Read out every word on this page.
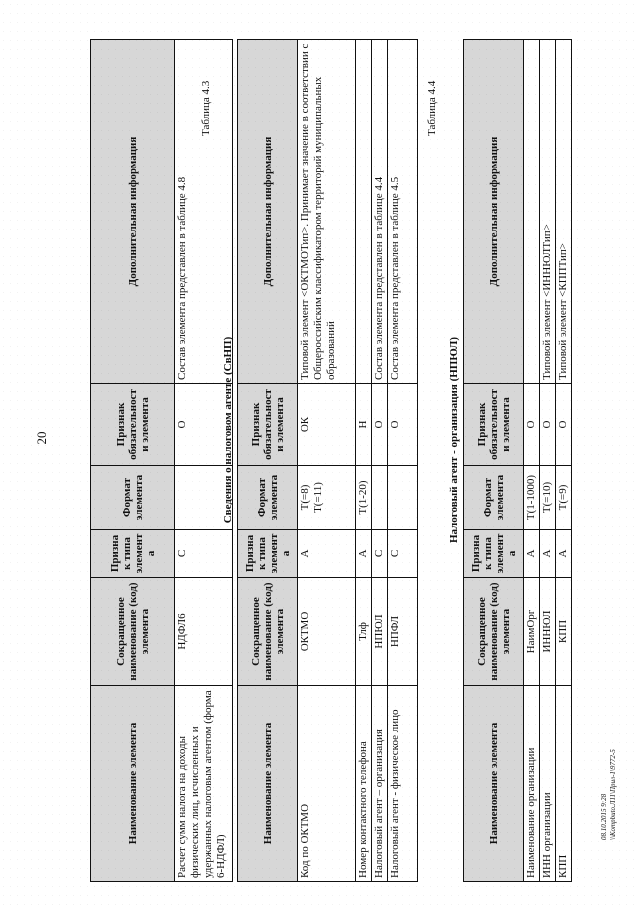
20
08.10.2015 9:28 \\Kompbuto.Л11\Прил-1\9772-5
Наименование элемента	Сокращенное наименование (код) элемента	Признак типа элемента	Формат элемента	Признак обязательности элемента	Дополнительная информация
Расчет сумм налога на доходы физических лиц, исчисленных и удержанных налоговым агентом (форма 6-НДФЛ)	НДФЛ6	С		О	Состав элемента представлен в таблице 4.8
Таблица 4.3
Сведения о налоговом агенте (СвНП)
Наименование элемента	Сокращенное наименование (код) элемента	Признак типа элемента	Формат элемента	Признак обязательности элемента	Дополнительная информация
Код по ОКТМО	ОКТМО	А	T(=8) T(=11)	ОК	Типовой элемент <ОКТМОТип>. Принимает значение в соответствии с Общероссийским классификатором территорий муниципальных образований
Номер контактного телефона	Тлф	А	T(1-20)	Н	
Налоговый агент – организация	НПЮЛ	С		О	Состав элемента представлен в таблице 4.4
Налоговый агент - физическое лицо	НПФЛ	С		О	Состав элемента представлен в таблице 4.5
Таблица 4.4
Налоговый агент - организация (НПЮЛ)
Наименование элемента	Сокращенное наименование (код) элемента	Признак типа элемента	Формат элемента	Признак обязательности элемента	Дополнительная информация
Наименование организации	НаимОрг	А	T(1-1000)	О	
ИНН организации	ИННЮЛ	А	T(=10)	О	Типовой элемент <ИННЮЛТип>
КПП	КПП	А	T(=9)	О	Типовой элемент <КППТип>
